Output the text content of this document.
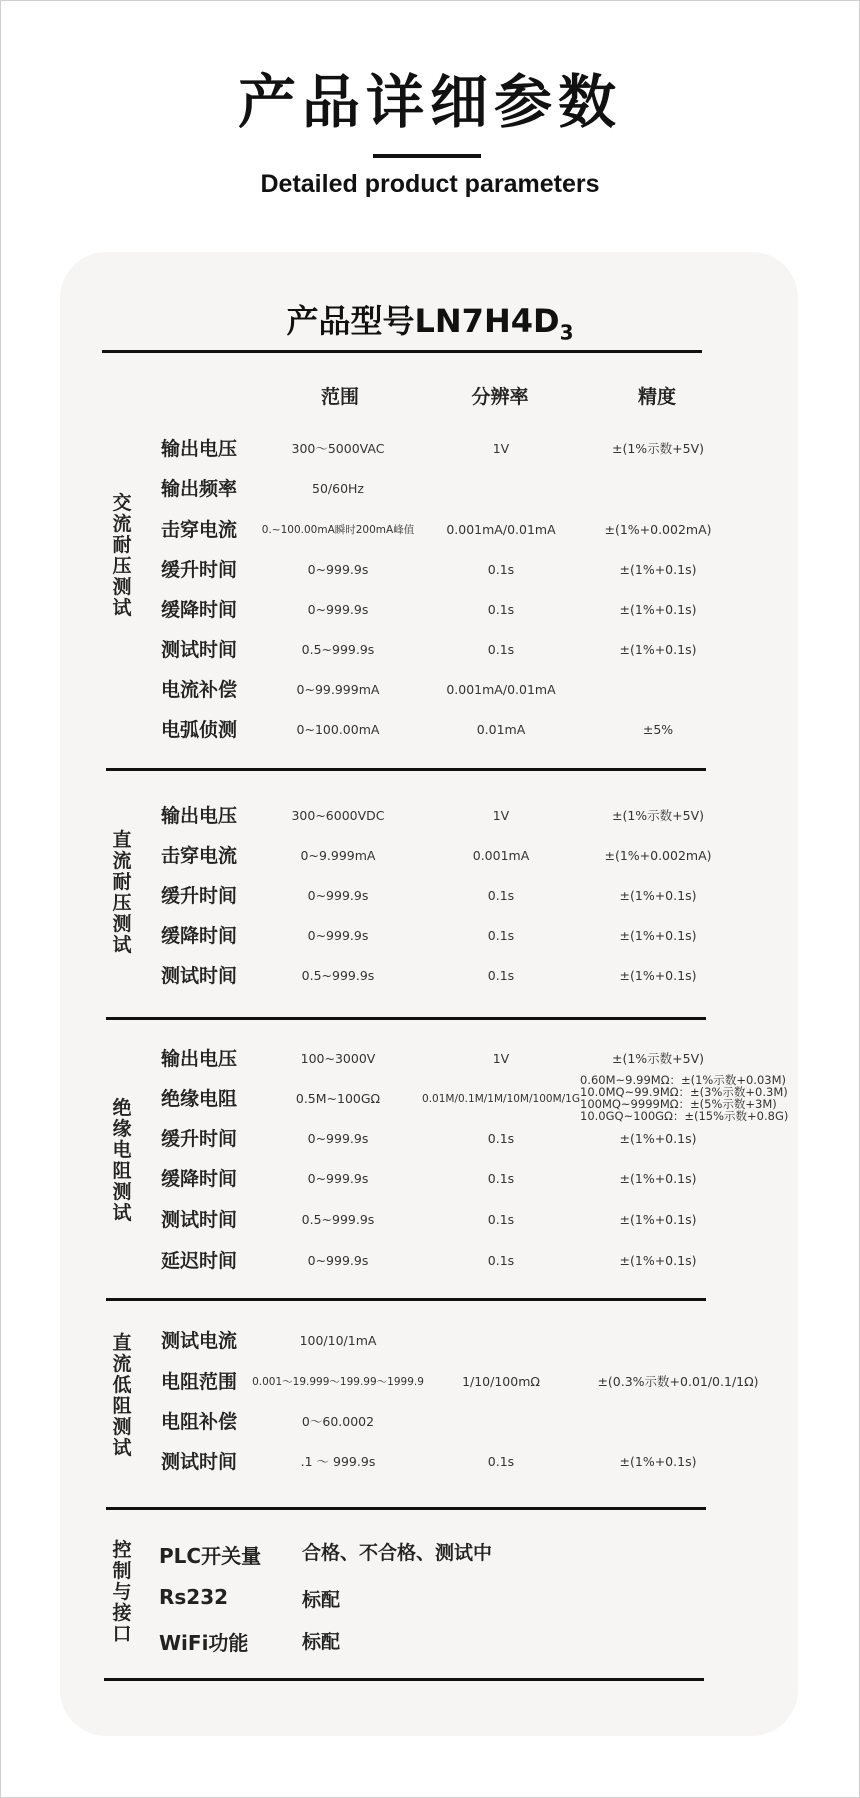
产品详细参数
Detailed product parameters
产品型号$LN7H4D_3$
范围	分辨率	精度
交流耐压测试
输出电压	300～5000VAC	1V	±(1%示数+5V)
输出频率	50/60Hz
击穿电流	0.~100.00mA瞬时200mA峰值	0.001mA/0.01mA	±(1%+0.002mA)
缓升时间	0~999.9s	0.1s	±(1%+0.1s)
缓降时间	0~999.9s	0.1s	±(1%+0.1s)
测试时间	0.5~999.9s	0.1s	±(1%+0.1s)
电流补偿	0~99.999mA	0.001mA/0.01mA
电弧侦测	0~100.00mA	0.01mA	±5%
直流耐压测试
输出电压	300~6000VDC	1V	±(1%示数+5V)
击穿电流	0~9.999mA	0.001mA	±(1%+0.002mA)
缓升时间	0~999.9s	0.1s	±(1%+0.1s)
缓降时间	0~999.9s	0.1s	±(1%+0.1s)
测试时间	0.5~999.9s	0.1s	±(1%+0.1s)
绝缘电阻测试
输出电压	100~3000V	1V	±(1%示数+5V)
绝缘电阻	0.5M~100GΩ	0.01M/0.1M/1M/10M/100M/1G
0.60M~9.99MΩ：±(1%示数+0.03M)
10.0MQ~99.9MΩ：±(3%示数+0.3M)
100MQ~9999MΩ：±(5%示数+3M)
10.0GQ~100GΩ：±(15%示数+0.8G)
缓升时间	0~999.9s	0.1s	±(1%+0.1s)
缓降时间	0~999.9s	0.1s	±(1%+0.1s)
测试时间	0.5~999.9s	0.1s	±(1%+0.1s)
延迟时间	0~999.9s	0.1s	±(1%+0.1s)
直流低阻测试
测试电流	100/10/1mA
电阻范围	0.001～19.999～199.99～1999.9	1/10/100mΩ	±(0.3%示数+0.01/0.1/1Ω)
电阻补偿	0～60.0002
测试时间	.1 ～ 999.9s	0.1s	±(1%+0.1s)
控制与接口
PLC开关量 合格、不合格、测试中
Rs232	标配
WiFi功能	标配
